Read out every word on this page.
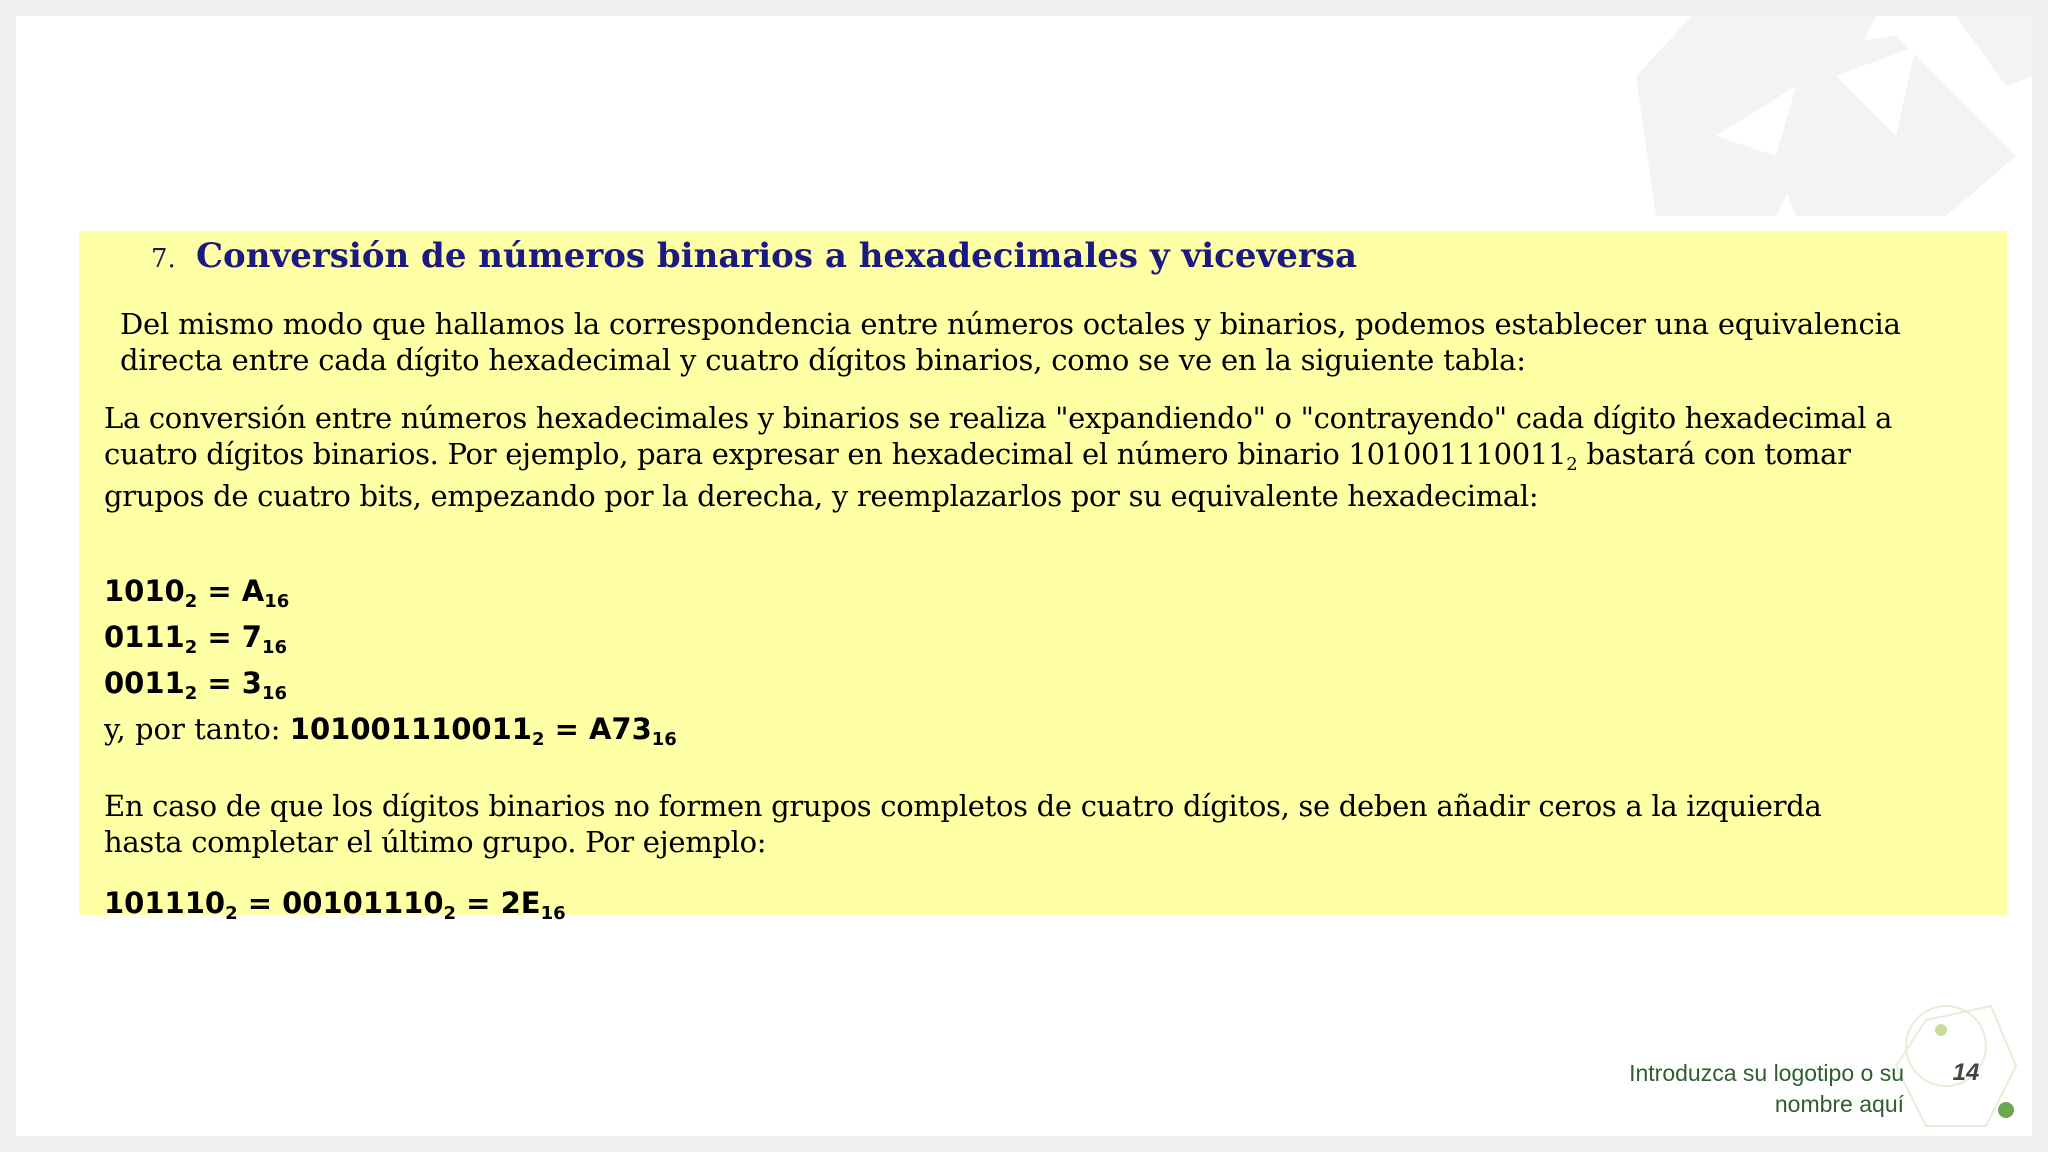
7. Conversión de números binarios a hexadecimales y viceversa
Del mismo modo que hallamos la correspondencia entre números octales y binarios, podemos establecer una equivalencia
directa entre cada dígito hexadecimal y cuatro dígitos binarios, como se ve en la siguiente tabla:
La conversión entre números hexadecimales y binarios se realiza "expandiendo" o "contrayendo" cada dígito hexadecimal a
cuatro dígitos binarios. Por ejemplo, para expresar en hexadecimal el número binario $101001110011_2$ bastará con tomar
grupos de cuatro bits, empezando por la derecha, y reemplazarlos por su equivalente hexadecimal:
$1010_2 = A_{16}$
$0111_2 = 7_{16}$
$0011_2 = 3_{16}$
y, por tanto: $101001110011_2 = A73_{16}$
En caso de que los dígitos binarios no formen grupos completos de cuatro dígitos, se deben añadir ceros a la izquierda
hasta completar el último grupo. Por ejemplo:
$101110_2 = 00101110_2 = 2E_{16}$
Introduzca su logotipo o su
nombre aquí
14
